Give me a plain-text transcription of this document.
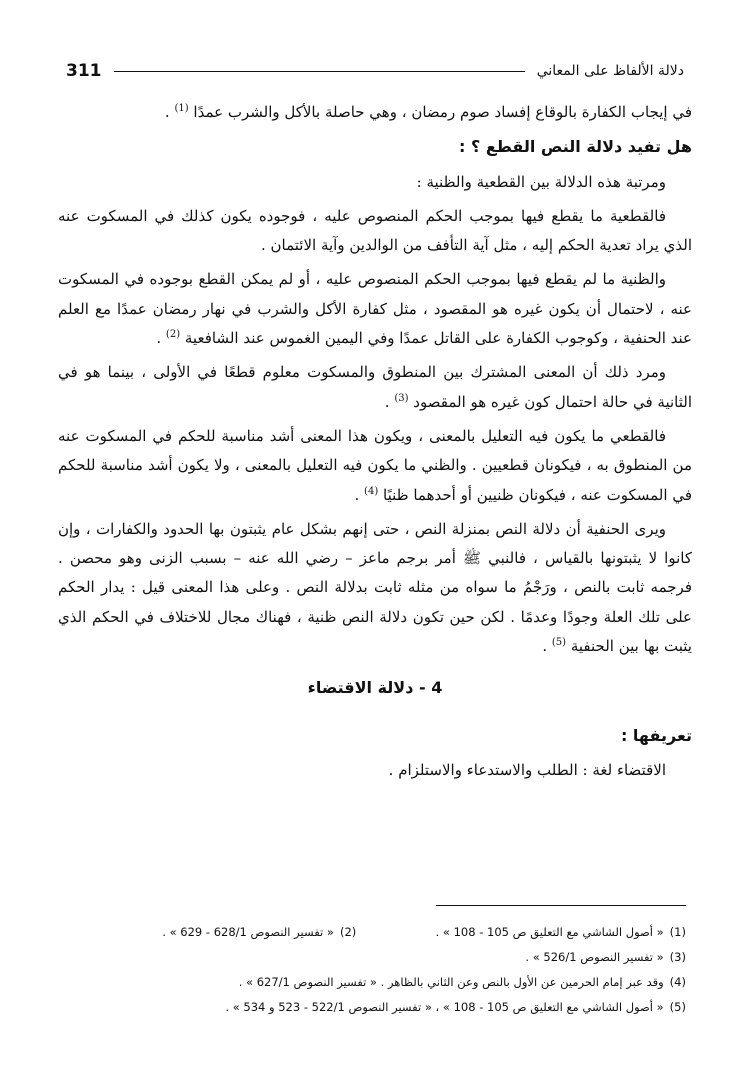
دلالة الألفاظ على المعاني
311

في إيجاب الكفارة بالوقاع إفساد صوم رمضان ، وهي حاصلة بالأكل والشرب عمدًا $^{(1)}$ .

هل تفيد دلالة النص القطع ؟ :

ومرتبة هذه الدلالة بين القطعية والظنية :

فالقطعية ما يقطع فيها بموجب الحكم المنصوص عليه ، فوجوده يكون كذلك في المسكوت عنه الذي يراد تعدية الحكم إليه ، مثل آية التأفف من الوالدين وآية الائتمان .

والظنية ما لم يقطع فيها بموجب الحكم المنصوص عليه ، أو لم يمكن القطع بوجوده في المسكوت عنه ، لاحتمال أن يكون غيره هو المقصود ، مثل كفارة الأكل والشرب في نهار رمضان عمدًا مع العلم عند الحنفية ، وكوجوب الكفارة على القاتل عمدًا وفي اليمين الغموس عند الشافعية $^{(2)}$ .

ومرد ذلك أن المعنى المشترك بين المنطوق والمسكوت معلوم قطعًا في الأولى ، بينما هو في الثانية في حالة احتمال كون غيره هو المقصود $^{(3)}$ .

فالقطعي ما يكون فيه التعليل بالمعنى ، ويكون هذا المعنى أشد مناسبة للحكم في المسكوت عنه من المنطوق به ، فيكونان قطعيين . والظني ما يكون فيه التعليل بالمعنى ، ولا يكون أشد مناسبة للحكم في المسكوت عنه ، فيكونان ظنيين أو أحدهما ظنيًا $^{(4)}$ .

ويرى الحنفية أن دلالة النص بمنزلة النص ، حتى إنهم بشكل عام يثبتون بها الحدود والكفارات ، وإن كانوا لا يثبتونها بالقياس ، فالنبي ﷺ أمر برجم ماعز – رضي الله عنه – بسبب الزنى وهو محصن . فرجمه ثابت بالنص ، ورَجْمُ ما سواه من مثله ثابت بدلالة النص . وعلى هذا المعنى قيل : يدار الحكم على تلك العلة وجودًا وعدمًا . لكن حين تكون دلالة النص ظنية ، فهناك مجال للاختلاف في الحكم الذي يثبت بها بين الحنفية $^{(5)}$ .

4 - دلالة الاقتضاء
تعريفها :

الاقتضاء لغة : الطلب والاستدعاء والاستلزام .

(1)« أصول الشاشي مع التعليق ص 105 - 108 » .  (2)« تفسير النصوص 628/1 - 629 » .
(3)« تفسير النصوص 526/1 » .
(4)وقد عبر إمام الحرمين عن الأول بالنص وعن الثاني بالظاهر . « تفسير النصوص 627/1 » .
(5)« أصول الشاشي مع التعليق ص 105 - 108 » ، « تفسير النصوص 522/1 - 523 و 534 » .
